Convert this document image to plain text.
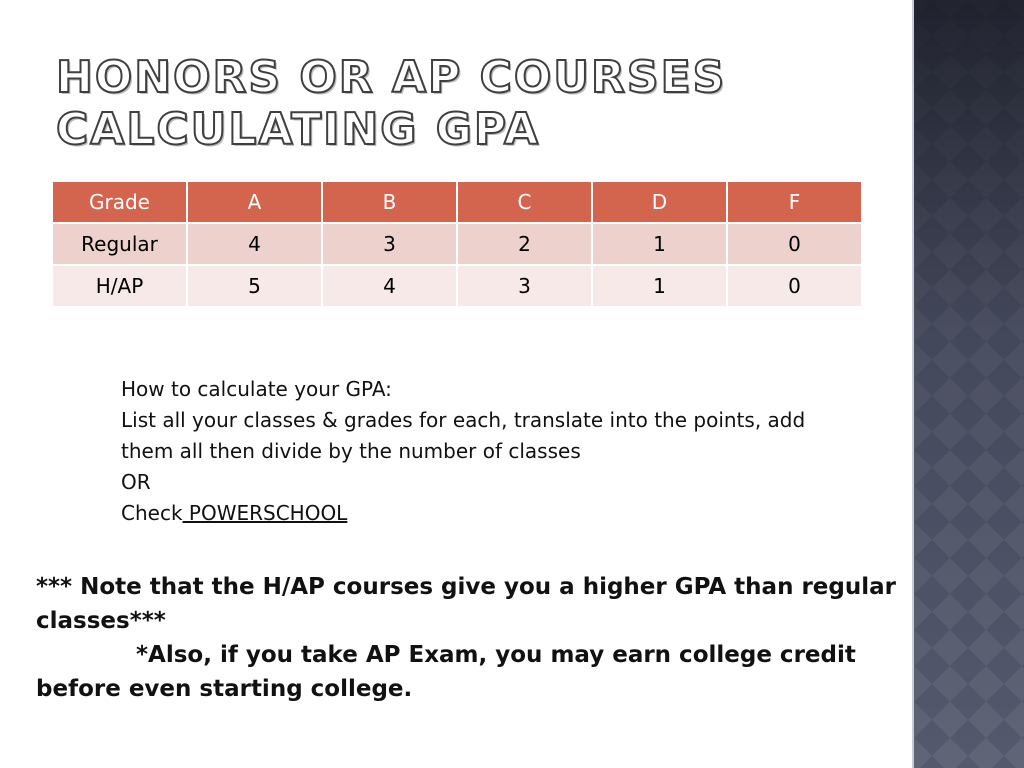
HONORS OR AP COURSES
CALCULATING GPA
Grade	A	B	C	D	F
Regular	4	3	2	1	0
H/AP	5	4	3	1	0
How to calculate your GPA:
List all your classes & grades for each, translate into the points, add
them all then divide by the number of classes
OR
Check POWERSCHOOL
*** Note that the H/AP courses give you a higher GPA than regular
classes***
*Also, if you take AP Exam, you may earn college credit
before even starting college.
